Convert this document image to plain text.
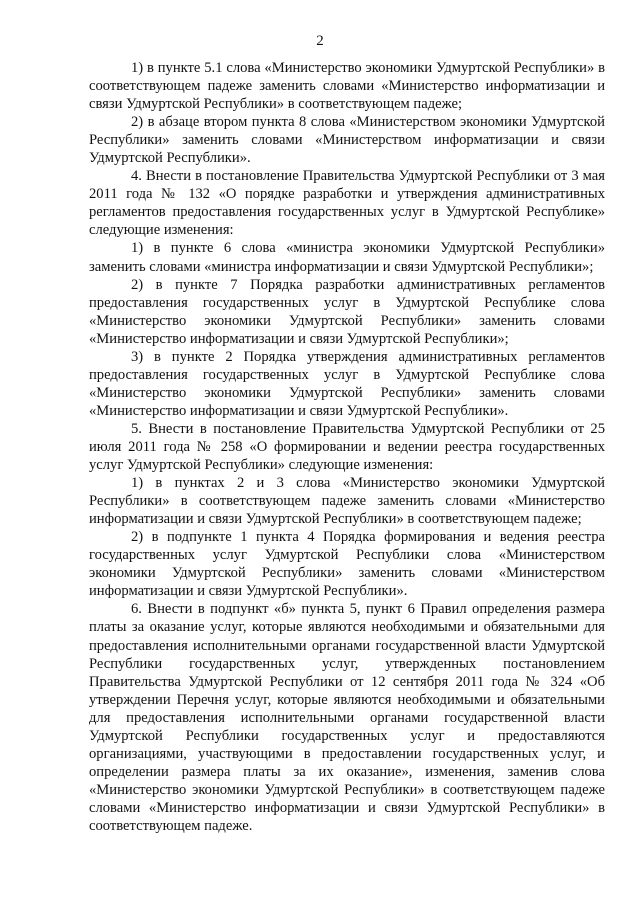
2

1) в пункте 5.1 слова «Министерство экономики Удмуртской Республики» в соответствующем падеже заменить словами «Министерство информатизации и связи Удмуртской Республики» в соответствующем падеже;

2) в абзаце втором пункта 8 слова «Министерством экономики Удмуртской Республики» заменить словами «Министерством информатизации и связи Удмуртской Республики».

4. Внести в постановление Правительства Удмуртской Республики от 3 мая 2011 года № 132 «О порядке разработки и утверждения административных регламентов предоставления государственных услуг в Удмуртской Республике» следующие изменения:

1) в пункте 6 слова «министра экономики Удмуртской Республики» заменить словами «министра информатизации и связи Удмуртской Республики»;

2) в пункте 7 Порядка разработки административных регламентов предоставления государственных услуг в Удмуртской Республике слова «Министерство экономики Удмуртской Республики» заменить словами «Министерство информатизации и связи Удмуртской Республики»;

3) в пункте 2 Порядка утверждения административных регламентов предоставления государственных услуг в Удмуртской Республике слова «Министерство экономики Удмуртской Республики» заменить словами «Министерство информатизации и связи Удмуртской Республики».

5. Внести в постановление Правительства Удмуртской Республики от 25 июля 2011 года № 258 «О формировании и ведении реестра государственных услуг Удмуртской Республики» следующие изменения:

1) в пунктах 2 и 3 слова «Министерство экономики Удмуртской Республики» в соответствующем падеже заменить словами «Министерство информатизации и связи Удмуртской Республики» в соответствующем падеже;

2) в подпункте 1 пункта 4 Порядка формирования и ведения реестра государственных услуг Удмуртской Республики слова «Министерством экономики Удмуртской Республики» заменить словами «Министерством информатизации и связи Удмуртской Республики».

6. Внести в подпункт «б» пункта 5, пункт 6 Правил определения размера платы за оказание услуг, которые являются необходимыми и обязательными для предоставления исполнительными органами государственной власти Удмуртской Республики государственных услуг, утвержденных постановлением Правительства Удмуртской Республики от 12 сентября 2011 года № 324 «Об утверждении Перечня услуг, которые являются необходимыми и обязательными для предоставления исполнительными органами государственной власти Удмуртской Республики государственных услуг и предоставляются организациями, участвующими в предоставлении государственных услуг, и определении размера платы за их оказание», изменения, заменив слова «Министерство экономики Удмуртской Республики» в соответствующем падеже словами «Министерство информатизации и связи Удмуртской Республики» в соответствующем падеже.
